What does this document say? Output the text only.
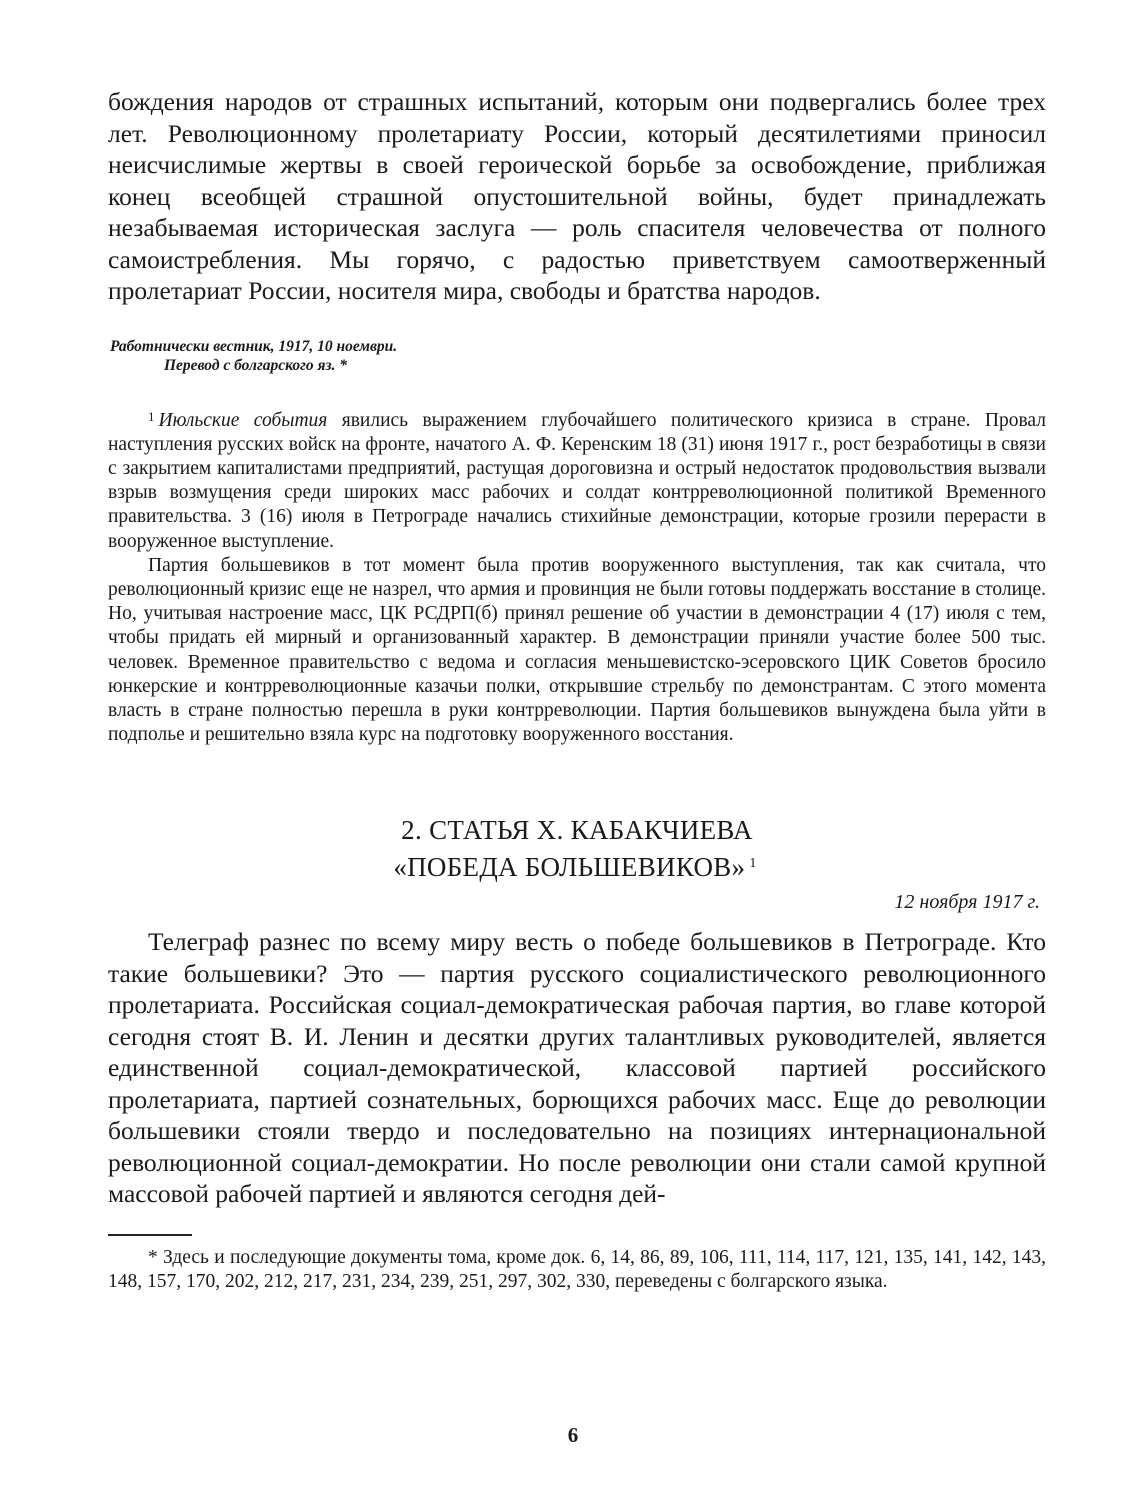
бождения народов от страшных испытаний, которым они подвергались более трех лет. Революционному пролетариату России, который десятилетиями приносил неисчислимые жертвы в своей героической борьбе за освобождение, приближая конец всеобщей страшной опустошительной войны, будет принадлежать незабываемая историческая заслуга — роль спасителя человечества от полного самоистребления. Мы горячо, с радостью приветствуем самоотверженный пролетариат России, носителя мира, свободы и братства народов.

Работнически вестник, 1917, 10 ноември.
Перевод с болгарского яз. *

$^1$ Июльские события явились выражением глубочайшего политического кризиса в стране. Провал наступления русских войск на фронте, начатого А. Ф. Керенским 18 (31) июня 1917 г., рост безработицы в связи с закрытием капиталистами предприятий, растущая дороговизна и острый недостаток продовольствия вызвали взрыв возмущения среди широких масс рабочих и солдат контрреволюционной политикой Временного правительства. 3 (16) июля в Петрограде начались стихийные демонстрации, которые грозили перерасти в вооруженное выступление.

Партия большевиков в тот момент была против вооруженного выступления, так как считала, что революционный кризис еще не назрел, что армия и провинция не были готовы поддержать восстание в столице. Но, учитывая настроение масс, ЦК РСДРП(б) принял решение об участии в демонстрации 4 (17) июля с тем, чтобы придать ей мирный и организованный характер. В демонстрации приняли участие более 500 тыс. человек. Временное правительство с ведома и согласия меньшевистско-эсеровского ЦИК Советов бросило юнкерские и контрреволюционные казачьи полки, открывшие стрельбу по демонстрантам. С этого момента власть в стране полностью перешла в руки контрреволюции. Партия большевиков вынуждена была уйти в подполье и решительно взяла курс на подготовку вооруженного восстания.

2. СТАТЬЯ Х. КАБАКЧИЕВА
«ПОБЕДА БОЛЬШЕВИКОВ» $^1$
12 ноября 1917 г.

Телеграф разнес по всему миру весть о победе большевиков в Петрограде. Кто такие большевики? Это — партия русского социалистического революционного пролетариата. Российская социал-демократическая рабочая партия, во главе которой сегодня стоят В. И. Ленин и десятки других талантливых руководителей, является единственной социал-демократической, классовой партией российского пролетариата, партией сознательных, борющихся рабочих масс. Еще до революции большевики стояли твердо и последовательно на позициях интернациональной революционной социал-демократии. Но после революции они стали самой крупной массовой рабочей партией и являются сегодня дей-

* Здесь и последующие документы тома, кроме док. 6, 14, 86, 89, 106, 111, 114, 117, 121, 135, 141, 142, 143, 148, 157, 170, 202, 212, 217, 231, 234, 239, 251, 297, 302, 330, переведены с болгарского языка.

6
